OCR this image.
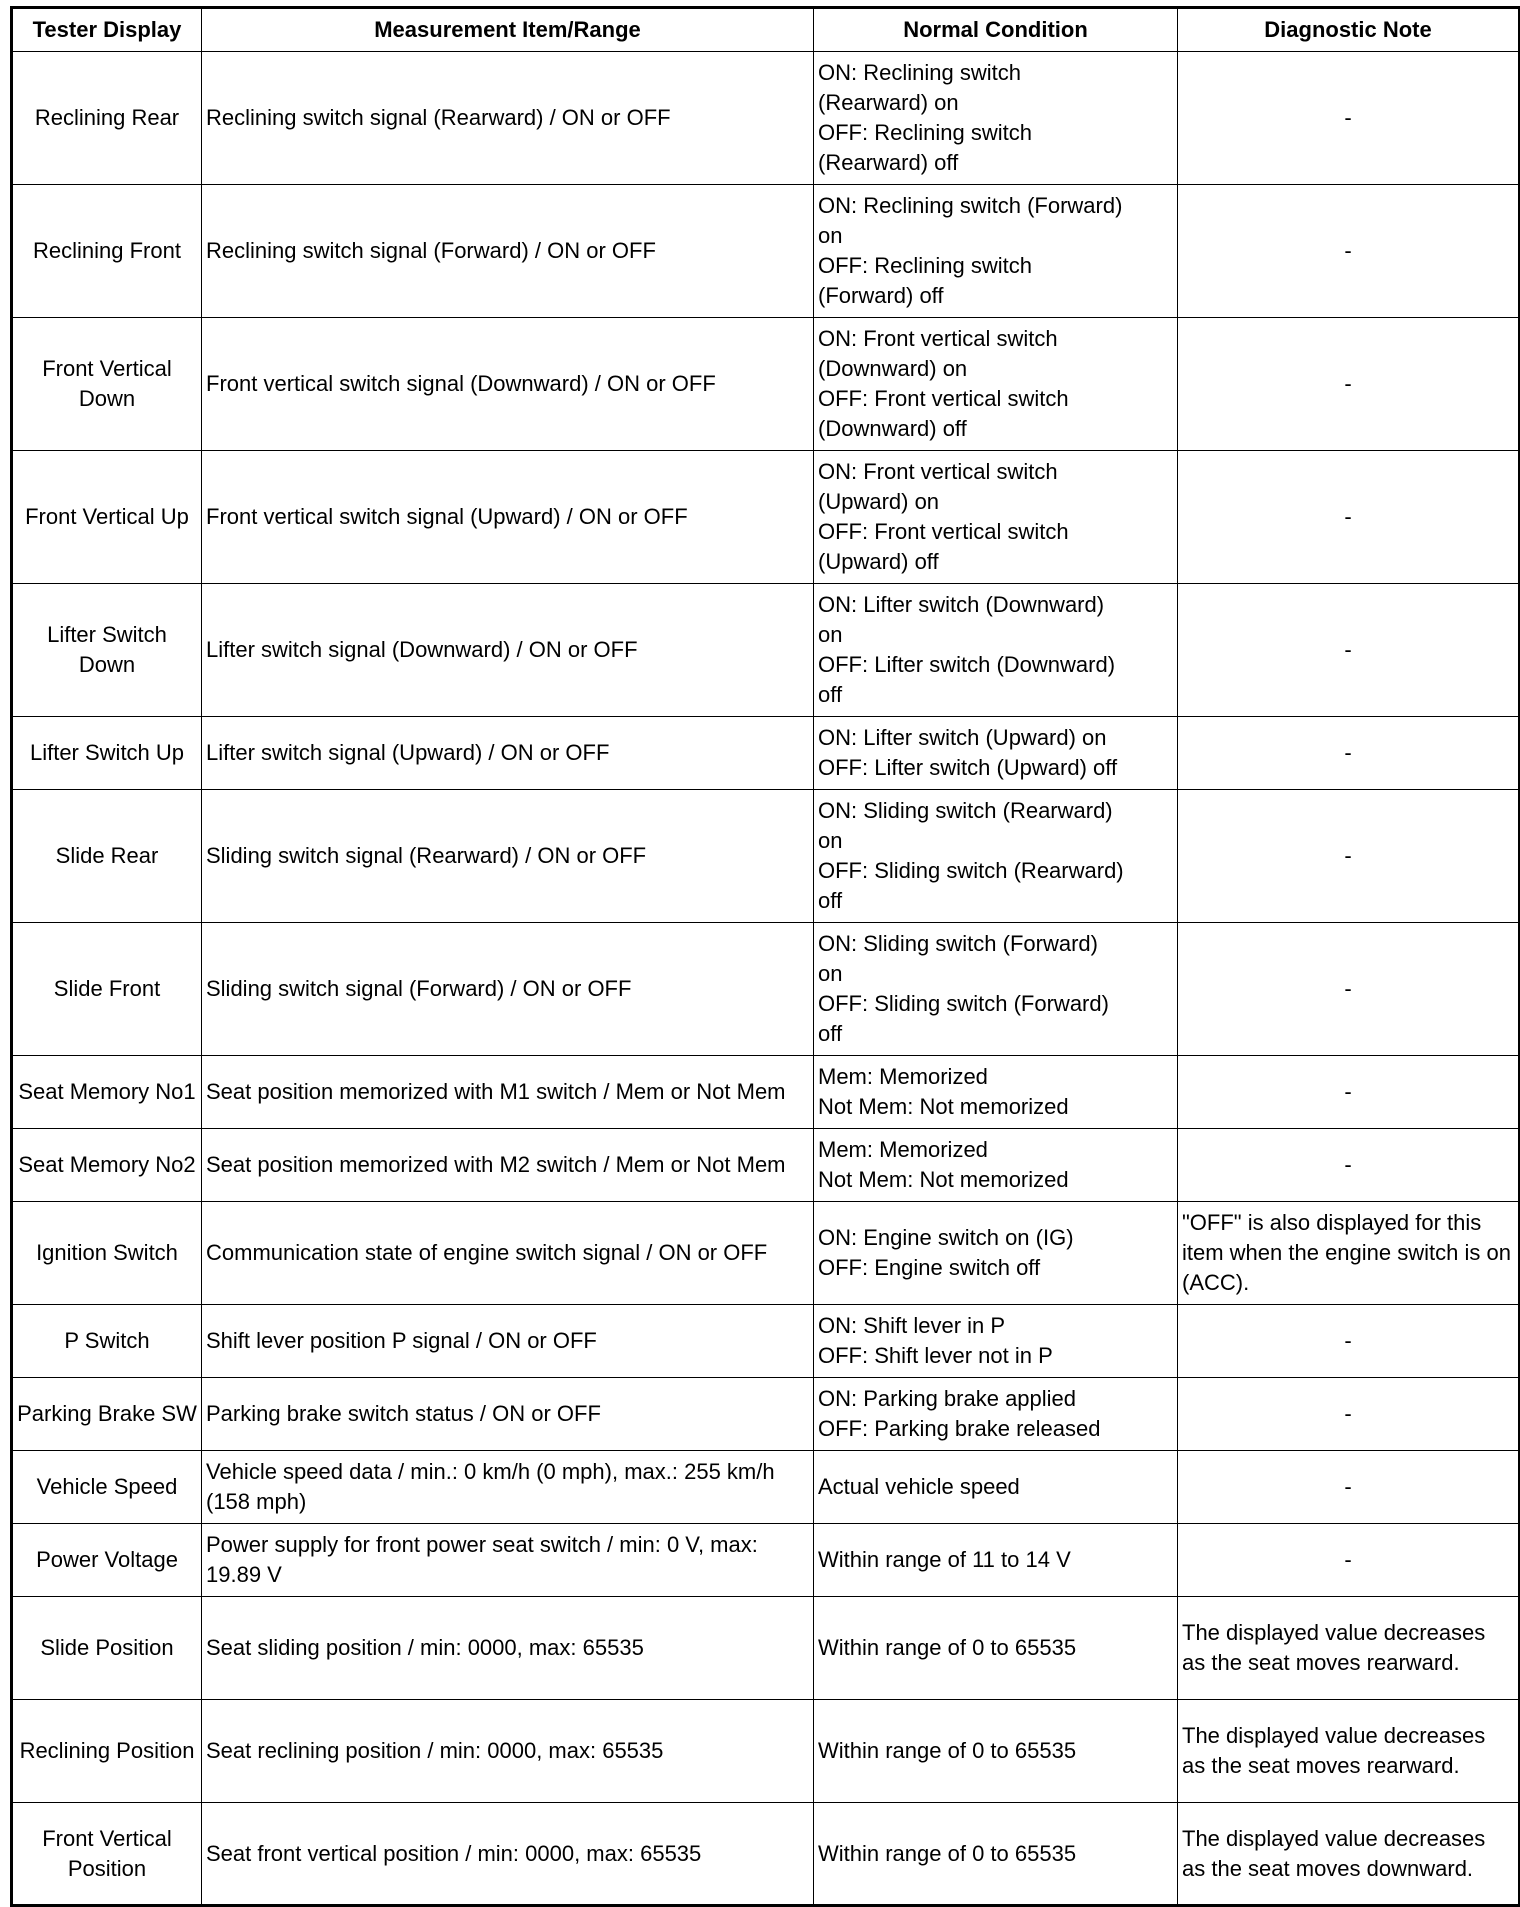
Tester Display	Measurement Item/Range	Normal Condition	Diagnostic Note
Reclining Rear	Reclining switch signal (Rearward) / ON or OFF	ON: Reclining switch
(Rearward) on
OFF: Reclining switch
(Rearward) off	-
Reclining Front	Reclining switch signal (Forward) / ON or OFF	ON: Reclining switch (Forward)
on
OFF: Reclining switch
(Forward) off	-
Front Vertical Down	Front vertical switch signal (Downward) / ON or OFF	ON: Front vertical switch
(Downward) on
OFF: Front vertical switch
(Downward) off	-
Front Vertical Up	Front vertical switch signal (Upward) / ON or OFF	ON: Front vertical switch
(Upward) on
OFF: Front vertical switch
(Upward) off	-
Lifter Switch Down	Lifter switch signal (Downward) / ON or OFF	ON: Lifter switch (Downward)
on
OFF: Lifter switch (Downward)
off	-
Lifter Switch Up	Lifter switch signal (Upward) / ON or OFF	ON: Lifter switch (Upward) on
OFF: Lifter switch (Upward) off	-
Slide Rear	Sliding switch signal (Rearward) / ON or OFF	ON: Sliding switch (Rearward)
on
OFF: Sliding switch (Rearward)
off	-
Slide Front	Sliding switch signal (Forward) / ON or OFF	ON: Sliding switch (Forward)
on
OFF: Sliding switch (Forward)
off	-
Seat Memory No1	Seat position memorized with M1 switch / Mem or Not Mem	Mem: Memorized
Not Mem: Not memorized	-
Seat Memory No2	Seat position memorized with M2 switch / Mem or Not Mem	Mem: Memorized
Not Mem: Not memorized	-
Ignition Switch	Communication state of engine switch signal / ON or OFF	ON: Engine switch on (IG)
OFF: Engine switch off	"OFF" is also displayed for this item when the engine switch is on (ACC).
P Switch	Shift lever position P signal / ON or OFF	ON: Shift lever in P
OFF: Shift lever not in P	-
Parking Brake SW	Parking brake switch status / ON or OFF	ON: Parking brake applied
OFF: Parking brake released	-
Vehicle Speed	Vehicle speed data / min.: 0 km/h (0 mph), max.: 255 km/h (158 mph)	Actual vehicle speed	-
Power Voltage	Power supply for front power seat switch / min: 0 V, max: 19.89 V	Within range of 11 to 14 V	-
Slide Position	Seat sliding position / min: 0000, max: 65535	Within range of 0 to 65535	The displayed value decreases as the seat moves rearward.
Reclining Position	Seat reclining position / min: 0000, max: 65535	Within range of 0 to 65535	The displayed value decreases as the seat moves rearward.
Front Vertical Position	Seat front vertical position / min: 0000, max: 65535	Within range of 0 to 65535	The displayed value decreases as the seat moves downward.
